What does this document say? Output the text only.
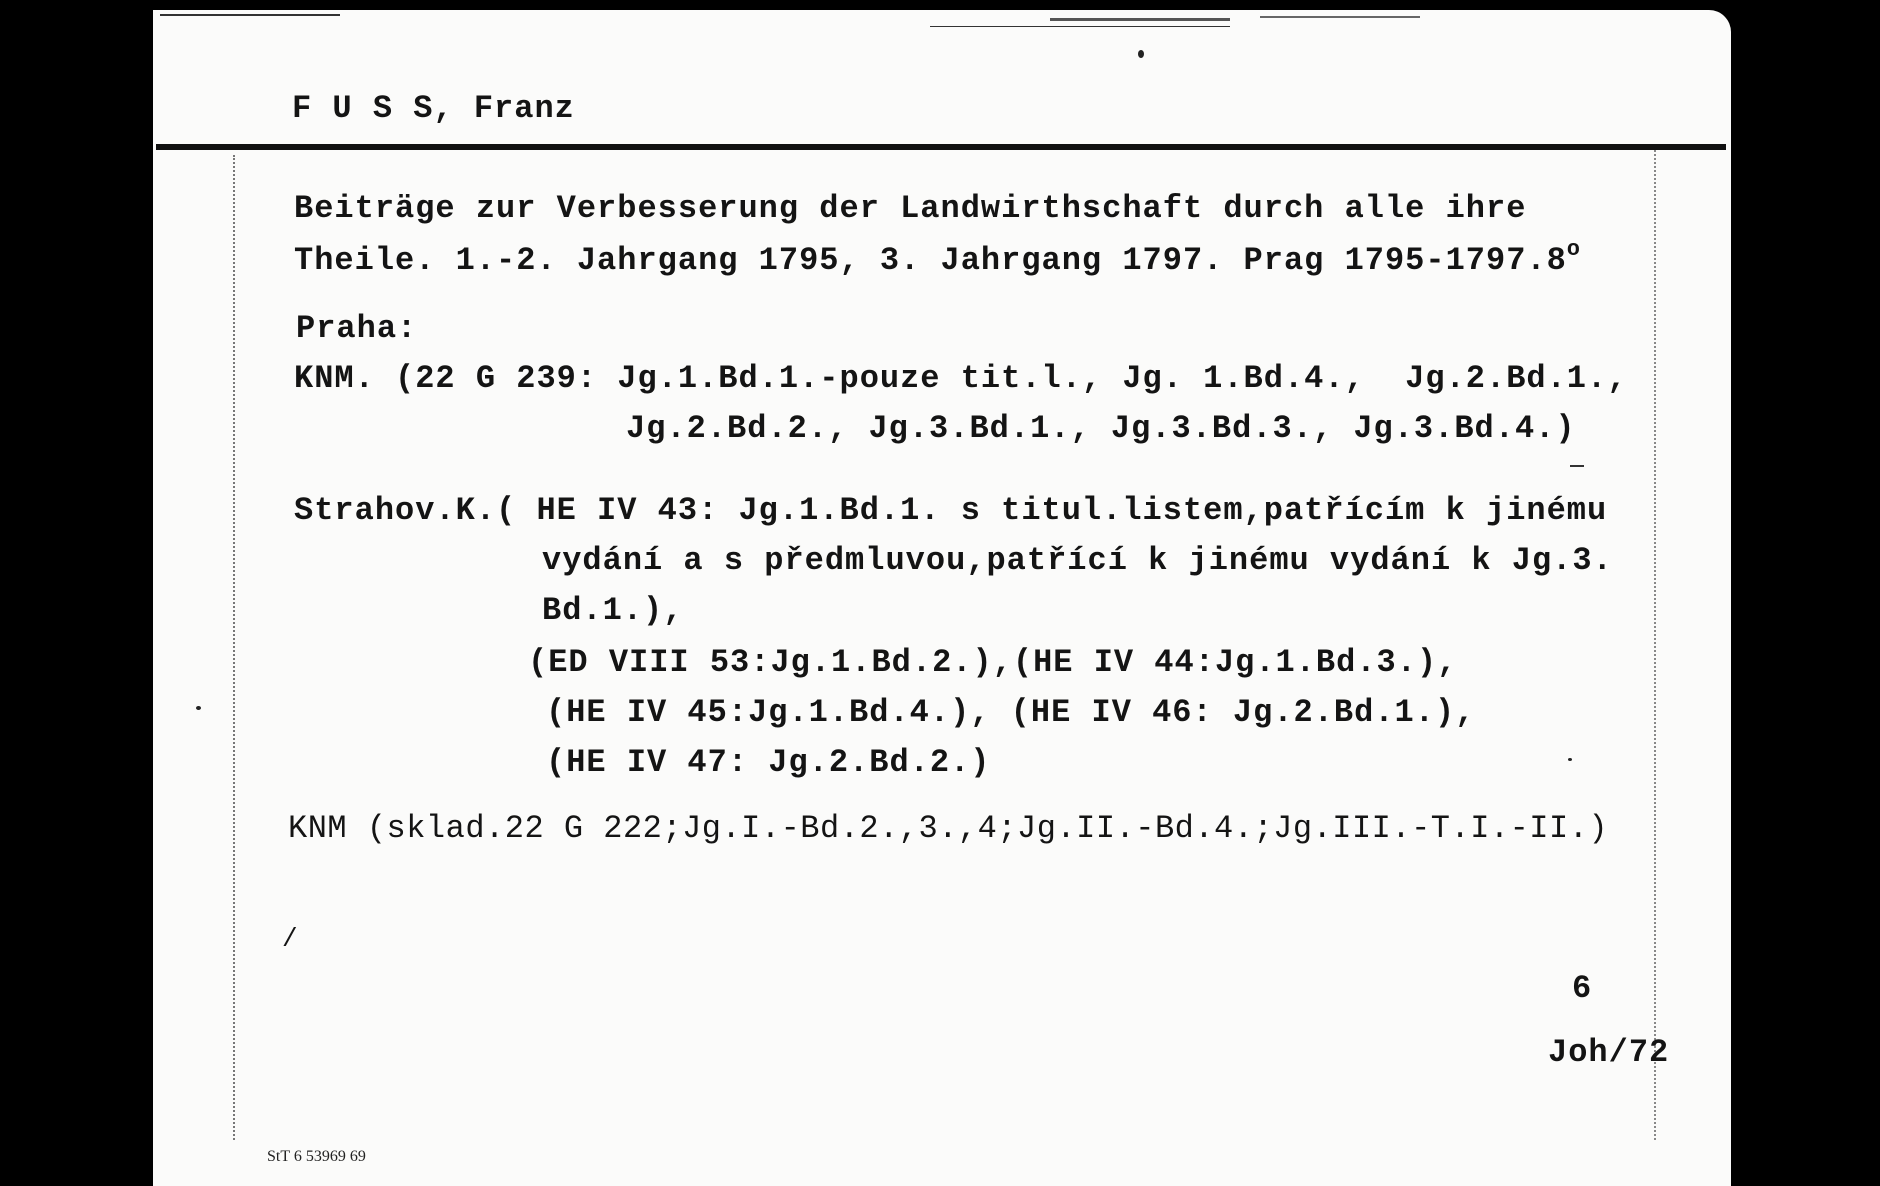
F U S S, Franz
Beiträge zur Verbesserung der Landwirthschaft durch alle ihre
Theile. 1.-2. Jahrgang 1795, 3. Jahrgang 1797. Prag 1795-1797.8$^o$
Praha:
KNM. (22 G 239: Jg.1.Bd.1.-pouze tit.l., Jg. 1.Bd.4.,  Jg.2.Bd.1.,
Jg.2.Bd.2., Jg.3.Bd.1., Jg.3.Bd.3., Jg.3.Bd.4.)
Strahov.K.( HE IV 43: Jg.1.Bd.1. s titul.listem,patřícím k jinému
vydání a s předmluvou,patřící k jinému vydání k Jg.3.
Bd.1.),
(ED VIII 53:Jg.1.Bd.2.),(HE IV 44:Jg.1.Bd.3.),
(HE IV 45:Jg.1.Bd.4.), (HE IV 46: Jg.2.Bd.1.),
(HE IV 47: Jg.2.Bd.2.)
KNM (sklad.22 G 222;Jg.I.-Bd.2.,3.,4;Jg.II.-Bd.4.;Jg.III.-T.I.-II.)
/
6
Joh/72
StT 6 53969 69
